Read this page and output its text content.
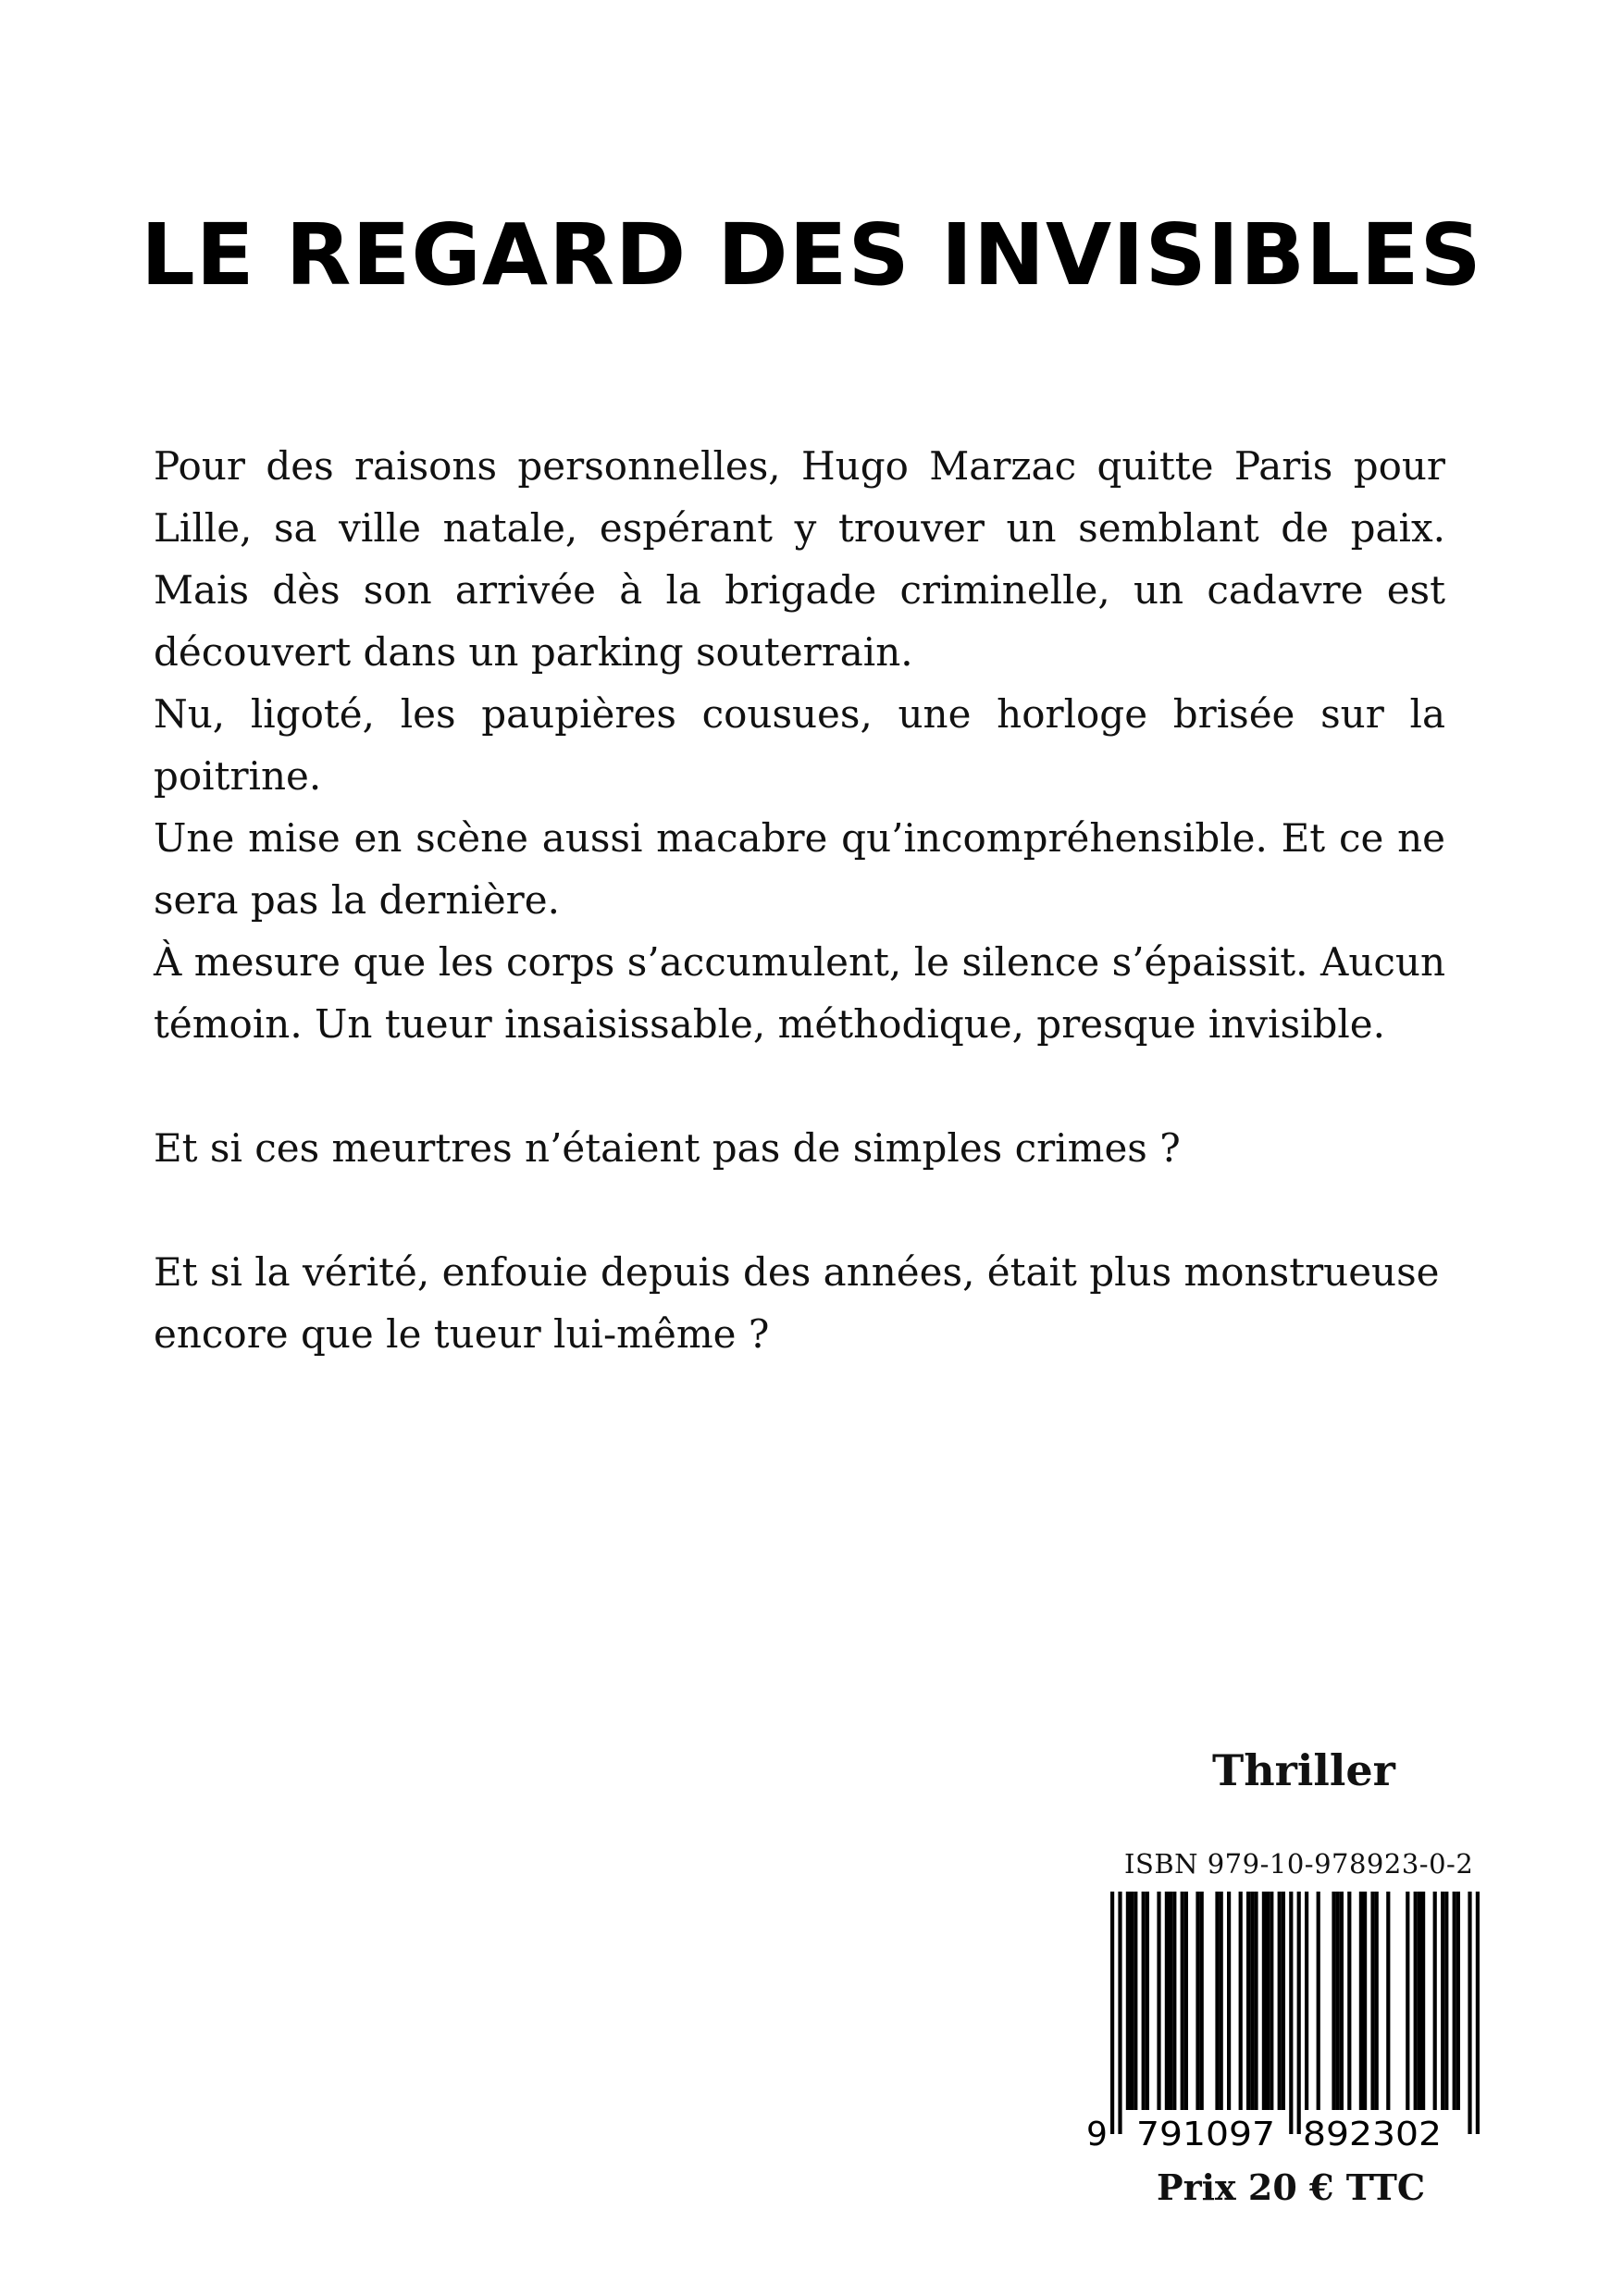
LE REGARD DES INVISIBLES

Pour des raisons personnelles, Hugo Marzac quitte Paris pour Lille, sa ville natale, espérant y trouver un semblant de paix. Mais dès son arrivée à la brigade criminelle, un cadavre est découvert dans un parking souterrain.

Nu, ligoté, les paupières cousues, une horloge brisée sur la poitrine.

Une mise en scène aussi macabre qu’incompréhensible. Et ce ne sera pas la dernière.

À mesure que les corps s’accumulent, le silence s’épaissit. Aucun témoin. Un tueur insaisissable, méthodique, presque invisible.

Et si ces meurtres n’étaient pas de simples crimes ?

Et si la vérité, enfouie depuis des années, était plus monstrueuse encore que le tueur lui-même ?

Thriller
ISBN 979-10-978923-0-2
9 791097 892302
Prix 20 € TTC
